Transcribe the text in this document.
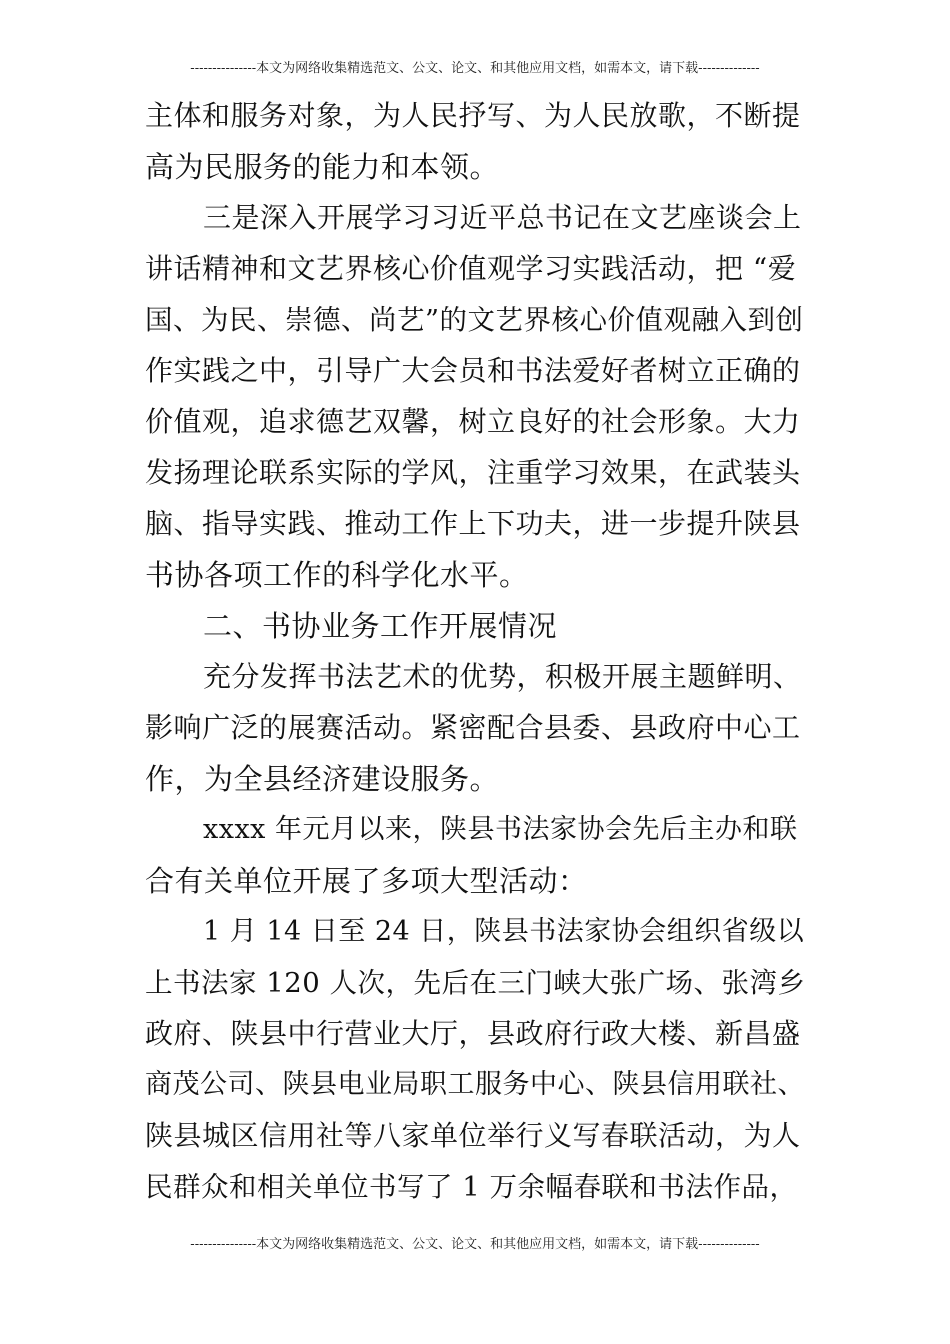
---------------本文为网络收集精选范文、公文、论文、和其他应用文档，如需本文，请下载--------------
主体和服务对象，为人民抒写、为人民放歌，不断提
高为民服务的能力和本领。
三是深入开展学习习近平总书记在文艺座谈会上
讲话精神和文艺界核心价值观学习实践活动，把 “爱
国、为民、崇德、尚艺”的文艺界核心价值观融入到创
作实践之中，引导广大会员和书法爱好者树立正确的
价值观，追求德艺双馨，树立良好的社会形象。大力
发扬理论联系实际的学风，注重学习效果，在武装头
脑、指导实践、推动工作上下功夫，进一步提升陕县
书协各项工作的科学化水平。
二、书协业务工作开展情况
充分发挥书法艺术的优势，积极开展主题鲜明、
影响广泛的展赛活动。紧密配合县委、县政府中心工
作，为全县经济建设服务。
xxxx 年元月以来，陕县书法家协会先后主办和联
合有关单位开展了多项大型活动：
1 月 14 日至 24 日，陕县书法家协会组织省级以
上书法家 120 人次，先后在三门峡大张广场、张湾乡
政府、陕县中行营业大厅，县政府行政大楼、新昌盛
商茂公司、陕县电业局职工服务中心、陕县信用联社、
陕县城区信用社等八家单位举行义写春联活动，为人
民群众和相关单位书写了 1 万余幅春联和书法作品，
---------------本文为网络收集精选范文、公文、论文、和其他应用文档，如需本文，请下载--------------
